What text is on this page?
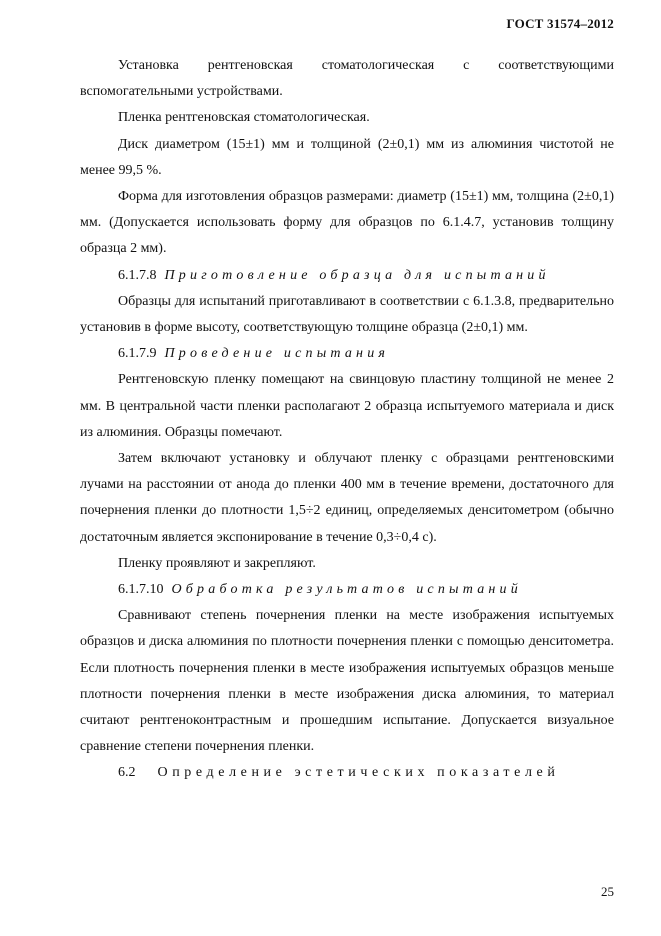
ГОСТ 31574–2012

Установка рентгеновская стоматологическая с соответствующими вспомогательными устройствами.

Пленка рентгеновская стоматологическая.

Диск диаметром (15±1) мм и толщиной (2±0,1) мм из алюминия чистотой не менее 99,5 %.

Форма для изготовления образцов размерами: диаметр (15±1) мм, толщина (2±0,1) мм. (Допускается использовать форму для образцов по 6.1.4.7, установив толщину образца 2 мм).

6.1.7.8 Приготовление образца для испытаний

Образцы для испытаний приготавливают в соответствии с 6.1.3.8, предварительно установив в форме высоту, соответствующую толщине образца (2±0,1) мм.

6.1.7.9 Проведение испытания

Рентгеновскую пленку помещают на свинцовую пластину толщиной не менее 2 мм. В центральной части пленки располагают 2 образца испытуемого материала и диск из алюминия. Образцы помечают.

Затем включают установку и облучают пленку с образцами рентгеновскими лучами на расстоянии от анода до пленки 400 мм в течение времени, достаточного для почернения пленки до плотности 1,5÷2 единиц, определяемых денситометром (обычно достаточным является экспонирование в течение 0,3÷0,4 с).

Пленку проявляют и закрепляют.

6.1.7.10 Обработка результатов испытаний

Сравнивают степень почернения пленки на месте изображения испытуемых образцов и диска алюминия по плотности почернения пленки с помощью денситометра. Если плотность почернения пленки в месте изображения испытуемых образцов меньше плотности почернения пленки в месте изображения диска алюминия, то материал считают рентгеноконтрастным и прошедшим испытание. Допускается визуальное сравнение степени почернения пленки.

6.2 Определение эстетических показателей

25
